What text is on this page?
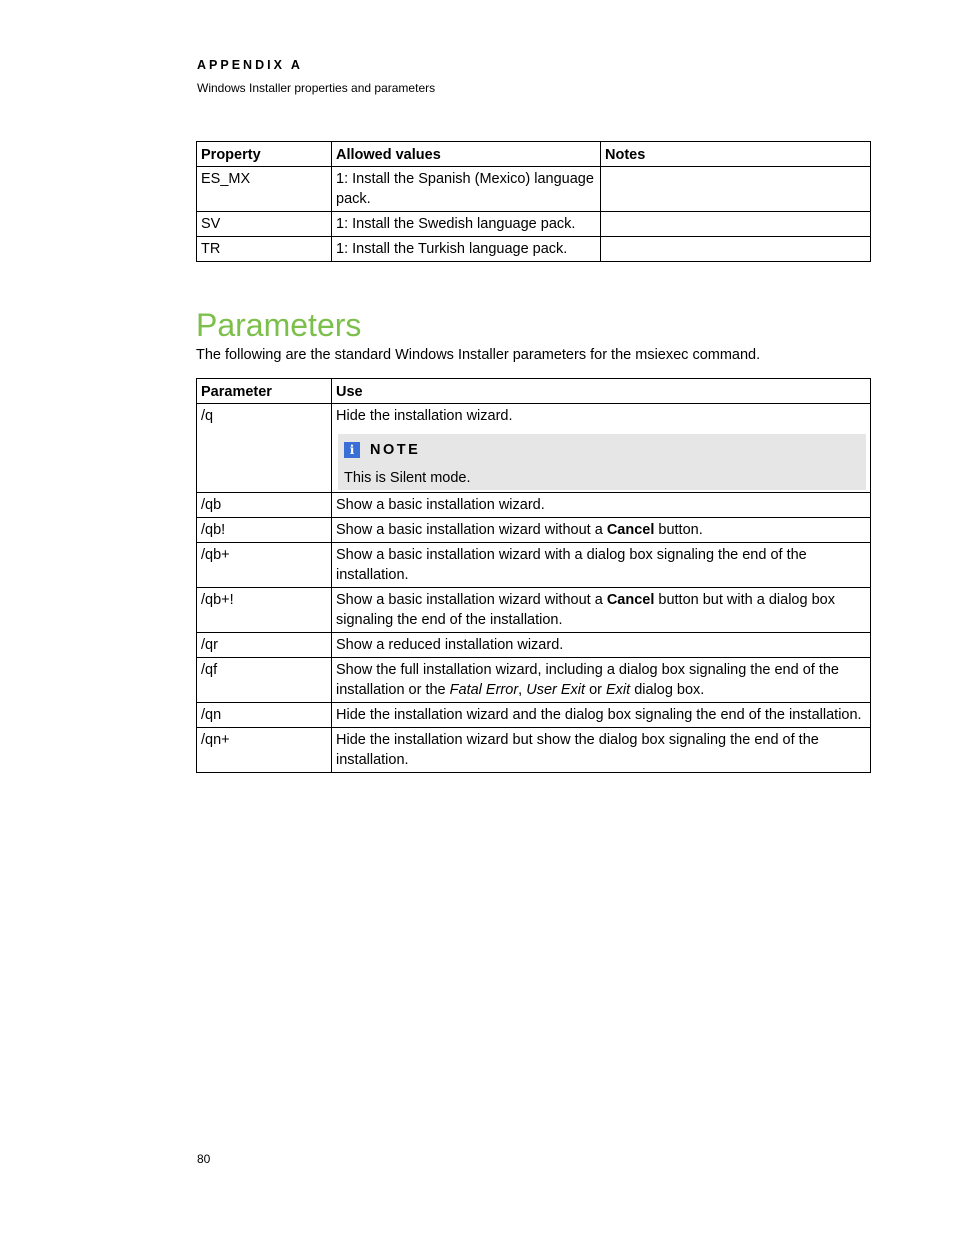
APPENDIX A
Windows Installer properties and parameters
Property	Allowed values	Notes
ES_MX	1: Install the Spanish (Mexico) language pack.	
SV	1: Install the Swedish language pack.	
TR	1: Install the Turkish language pack.	
Parameters

The following are the standard Windows Installer parameters for the msiexec command.

Parameter	Use
/q	Hide the installation wizard.
i NOTE
This is Silent mode.

/qb	Show a basic installation wizard.
/qb!	Show a basic installation wizard without a Cancel button.
/qb+	Show a basic installation wizard with a dialog box signaling the end of the installation.
/qb+!	Show a basic installation wizard without a Cancel button but with a dialog box signaling the end of the installation.
/qr	Show a reduced installation wizard.
/qf	Show the full installation wizard, including a dialog box signaling the end of the installation or the Fatal Error, User Exit or Exit dialog box.
/qn	Hide the installation wizard and the dialog box signaling the end of the installation.
/qn+	Hide the installation wizard but show the dialog box signaling the end of the installation.
80
